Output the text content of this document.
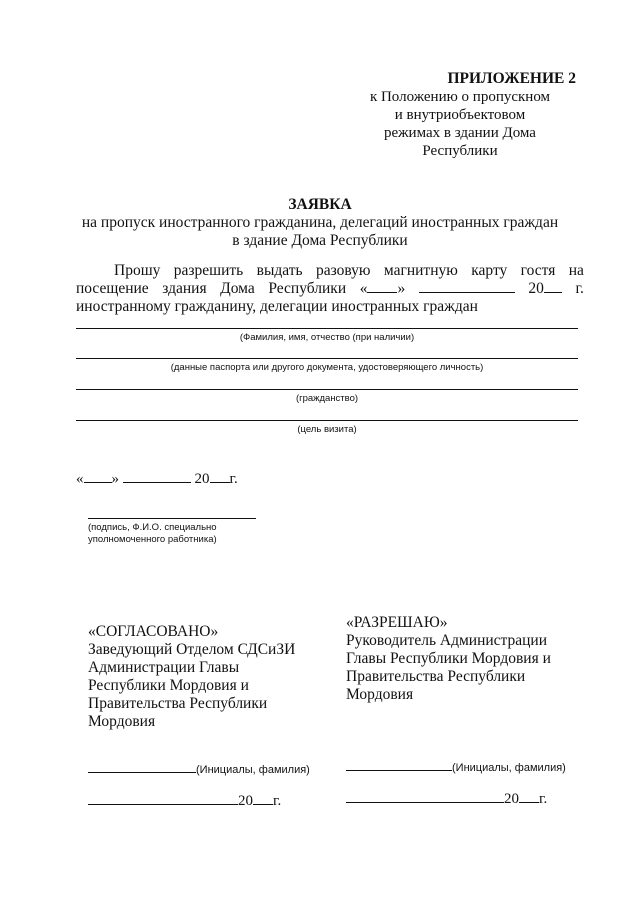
ПРИЛОЖЕНИЕ 2
к Положению о пропускном
и внутриобъектовом
режимах в здании Дома
Республики
ЗАЯВКА
на пропуск иностранного гражданина, делегаций иностранных граждан
в здание Дома Республики
Прошу разрешить выдать разовую магнитную карту гостя на
посещение здания Дома Республики « »	20	г.
иностранному гражданину, делегации иностранных граждан
(Фамилия, имя, отчество (при наличии)
(данные паспорта или другого документа, удостоверяющего личность)
(гражданство)
(цель визита)
« »	20 г.
(подпись, Ф.И.О. специально
уполномоченного работника)
«СОГЛАСОВАНО»
Заведующий Отделом СДСиЗИ
Администрации Главы
Республики Мордовия и
Правительства Республики
Мордовия
(Инициалы, фамилия)
20 г.
«РАЗРЕШАЮ»
Руководитель Администрации
Главы Республики Мордовия и
Правительства Республики
Мордовия
(Инициалы, фамилия)
20 г.
